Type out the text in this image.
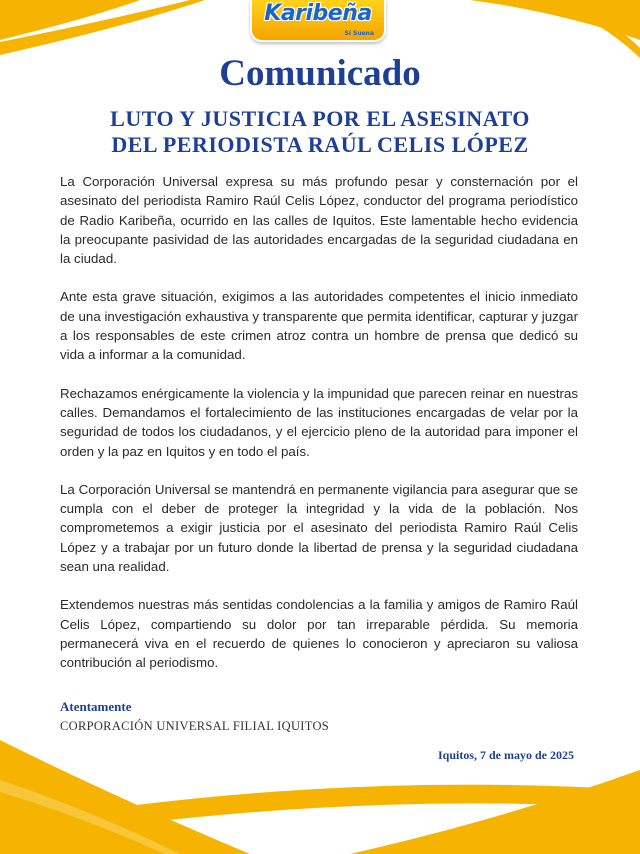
Karibeña
Sí Suena
Comunicado
LUTO Y JUSTICIA POR EL ASESINATO
DEL PERIODISTA RAÚL CELIS LÓPEZ

La Corporación Universal expresa su más profundo pesar y consternación por el asesinato del periodista Ramiro Raúl Celis López, conductor del programa periodístico de Radio Karibeña, ocurrido en las calles de Iquitos. Este lamentable hecho evidencia la preocupante pasividad de las autoridades encargadas de la seguridad ciudadana en la ciudad.

Ante esta grave situación, exigimos a las autoridades competentes el inicio inmediato de una investigación exhaustiva y transparente que permita identificar, capturar y juzgar a los responsables de este crimen atroz contra un hombre de prensa que dedicó su vida a informar a la comunidad.

Rechazamos enérgicamente la violencia y la impunidad que parecen reinar en nuestras calles. Demandamos el fortalecimiento de las instituciones encargadas de velar por la seguridad de todos los ciudadanos, y el ejercicio pleno de la autoridad para imponer el orden y la paz en Iquitos y en todo el país.

La Corporación Universal se mantendrá en permanente vigilancia para asegurar que se cumpla con el deber de proteger la integridad y la vida de la población. Nos comprometemos a exigir justicia por el asesinato del periodista Ramiro Raúl Celis López y a trabajar por un futuro donde la libertad de prensa y la seguridad ciudadana sean una realidad.

Extendemos nuestras más sentidas condolencias a la familia y amigos de Ramiro Raúl Celis López, compartiendo su dolor por tan irreparable pérdida. Su memoria permanecerá viva en el recuerdo de quienes lo conocieron y apreciaron su valiosa contribución al periodismo.

Atentamente

CORPORACIÓN UNIVERSAL FILIAL IQUITOS

Iquitos, 7 de mayo de 2025
